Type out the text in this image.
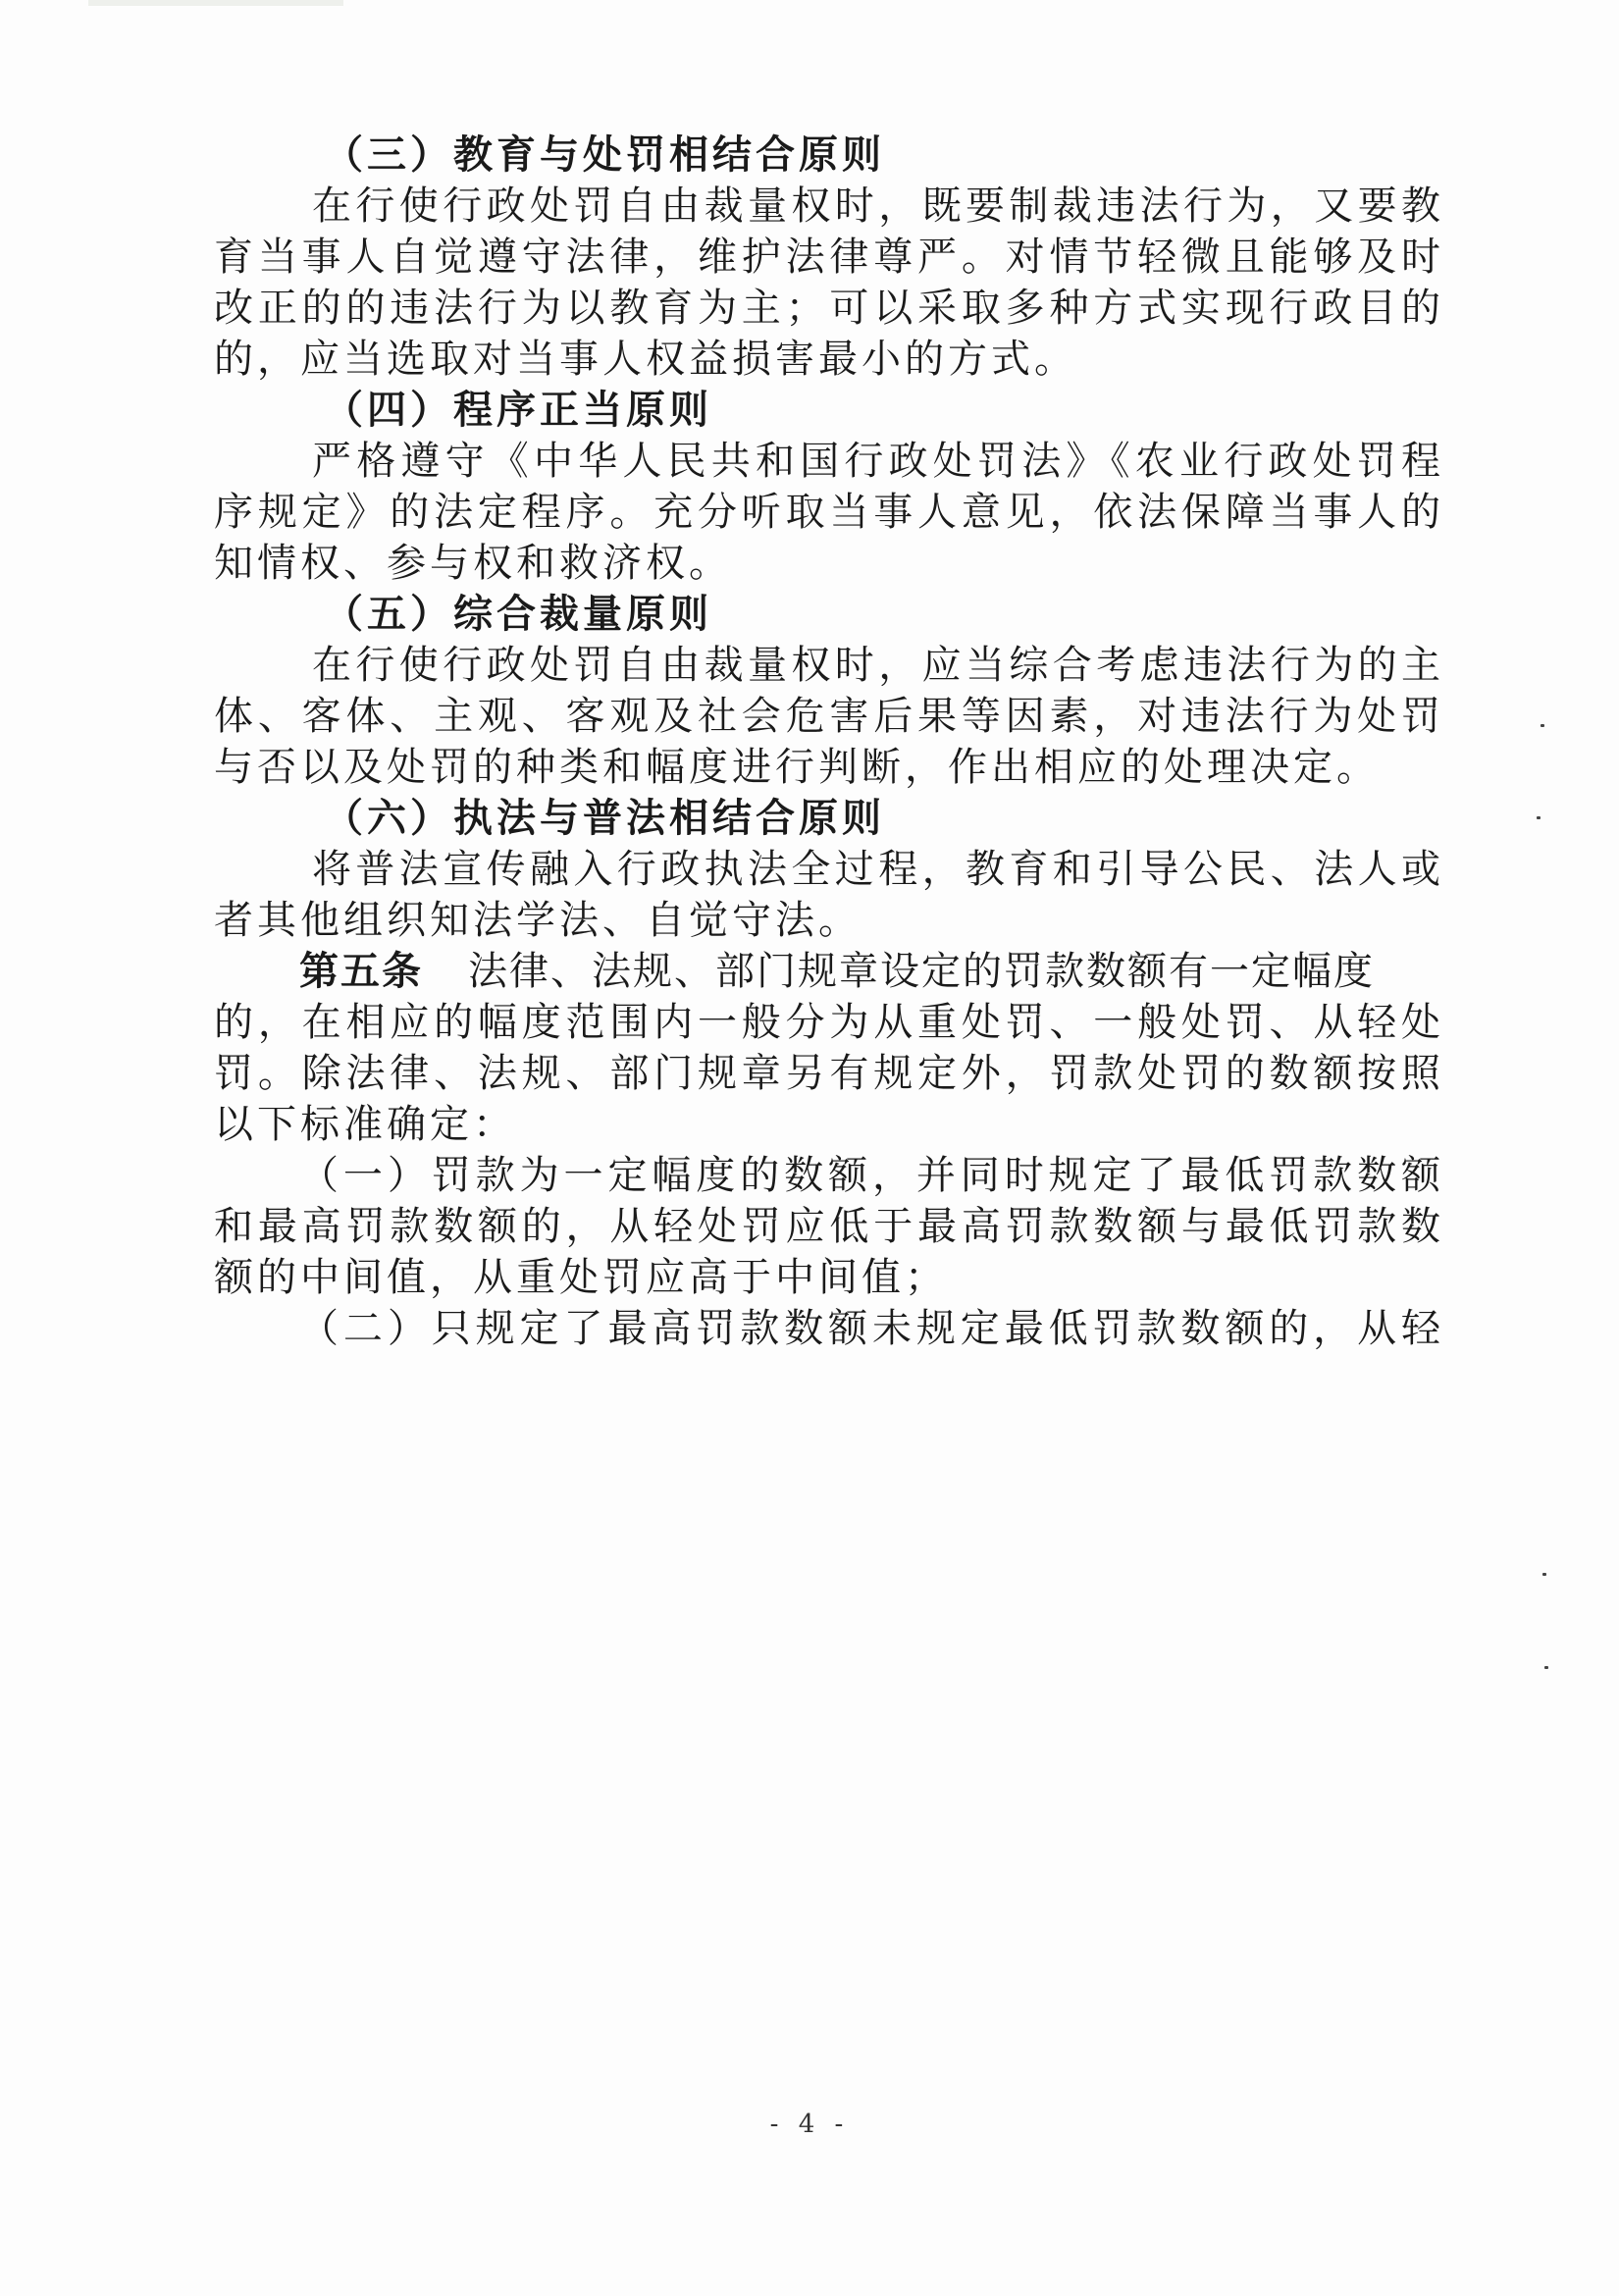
（三）教育与处罚相结合原则
在行使行政处罚自由裁量权时，既要制裁违法行为，又要教
育当事人自觉遵守法律，维护法律尊严。对情节轻微且能够及时
改正的的违法行为以教育为主；可以采取多种方式实现行政目的
的，应当选取对当事人权益损害最小的方式。
（四）程序正当原则
严格遵守《中华人民共和国行政处罚法》《农业行政处罚程
序规定》的法定程序。充分听取当事人意见，依法保障当事人的
知情权、参与权和救济权。
（五）综合裁量原则
在行使行政处罚自由裁量权时，应当综合考虑违法行为的主
体、客体、主观、客观及社会危害后果等因素，对违法行为处罚
与否以及处罚的种类和幅度进行判断，作出相应的处理决定。
（六）执法与普法相结合原则
将普法宣传融入行政执法全过程，教育和引导公民、法人或
者其他组织知法学法、自觉守法。
第五条 法律、法规、部门规章设定的罚款数额有一定幅度
的，在相应的幅度范围内一般分为从重处罚、一般处罚、从轻处
罚。除法律、法规、部门规章另有规定外，罚款处罚的数额按照
以下标准确定：
（一）罚款为一定幅度的数额，并同时规定了最低罚款数额
和最高罚款数额的，从轻处罚应低于最高罚款数额与最低罚款数
额的中间值，从重处罚应高于中间值；
（二）只规定了最高罚款数额未规定最低罚款数额的，从轻
- 4 -
